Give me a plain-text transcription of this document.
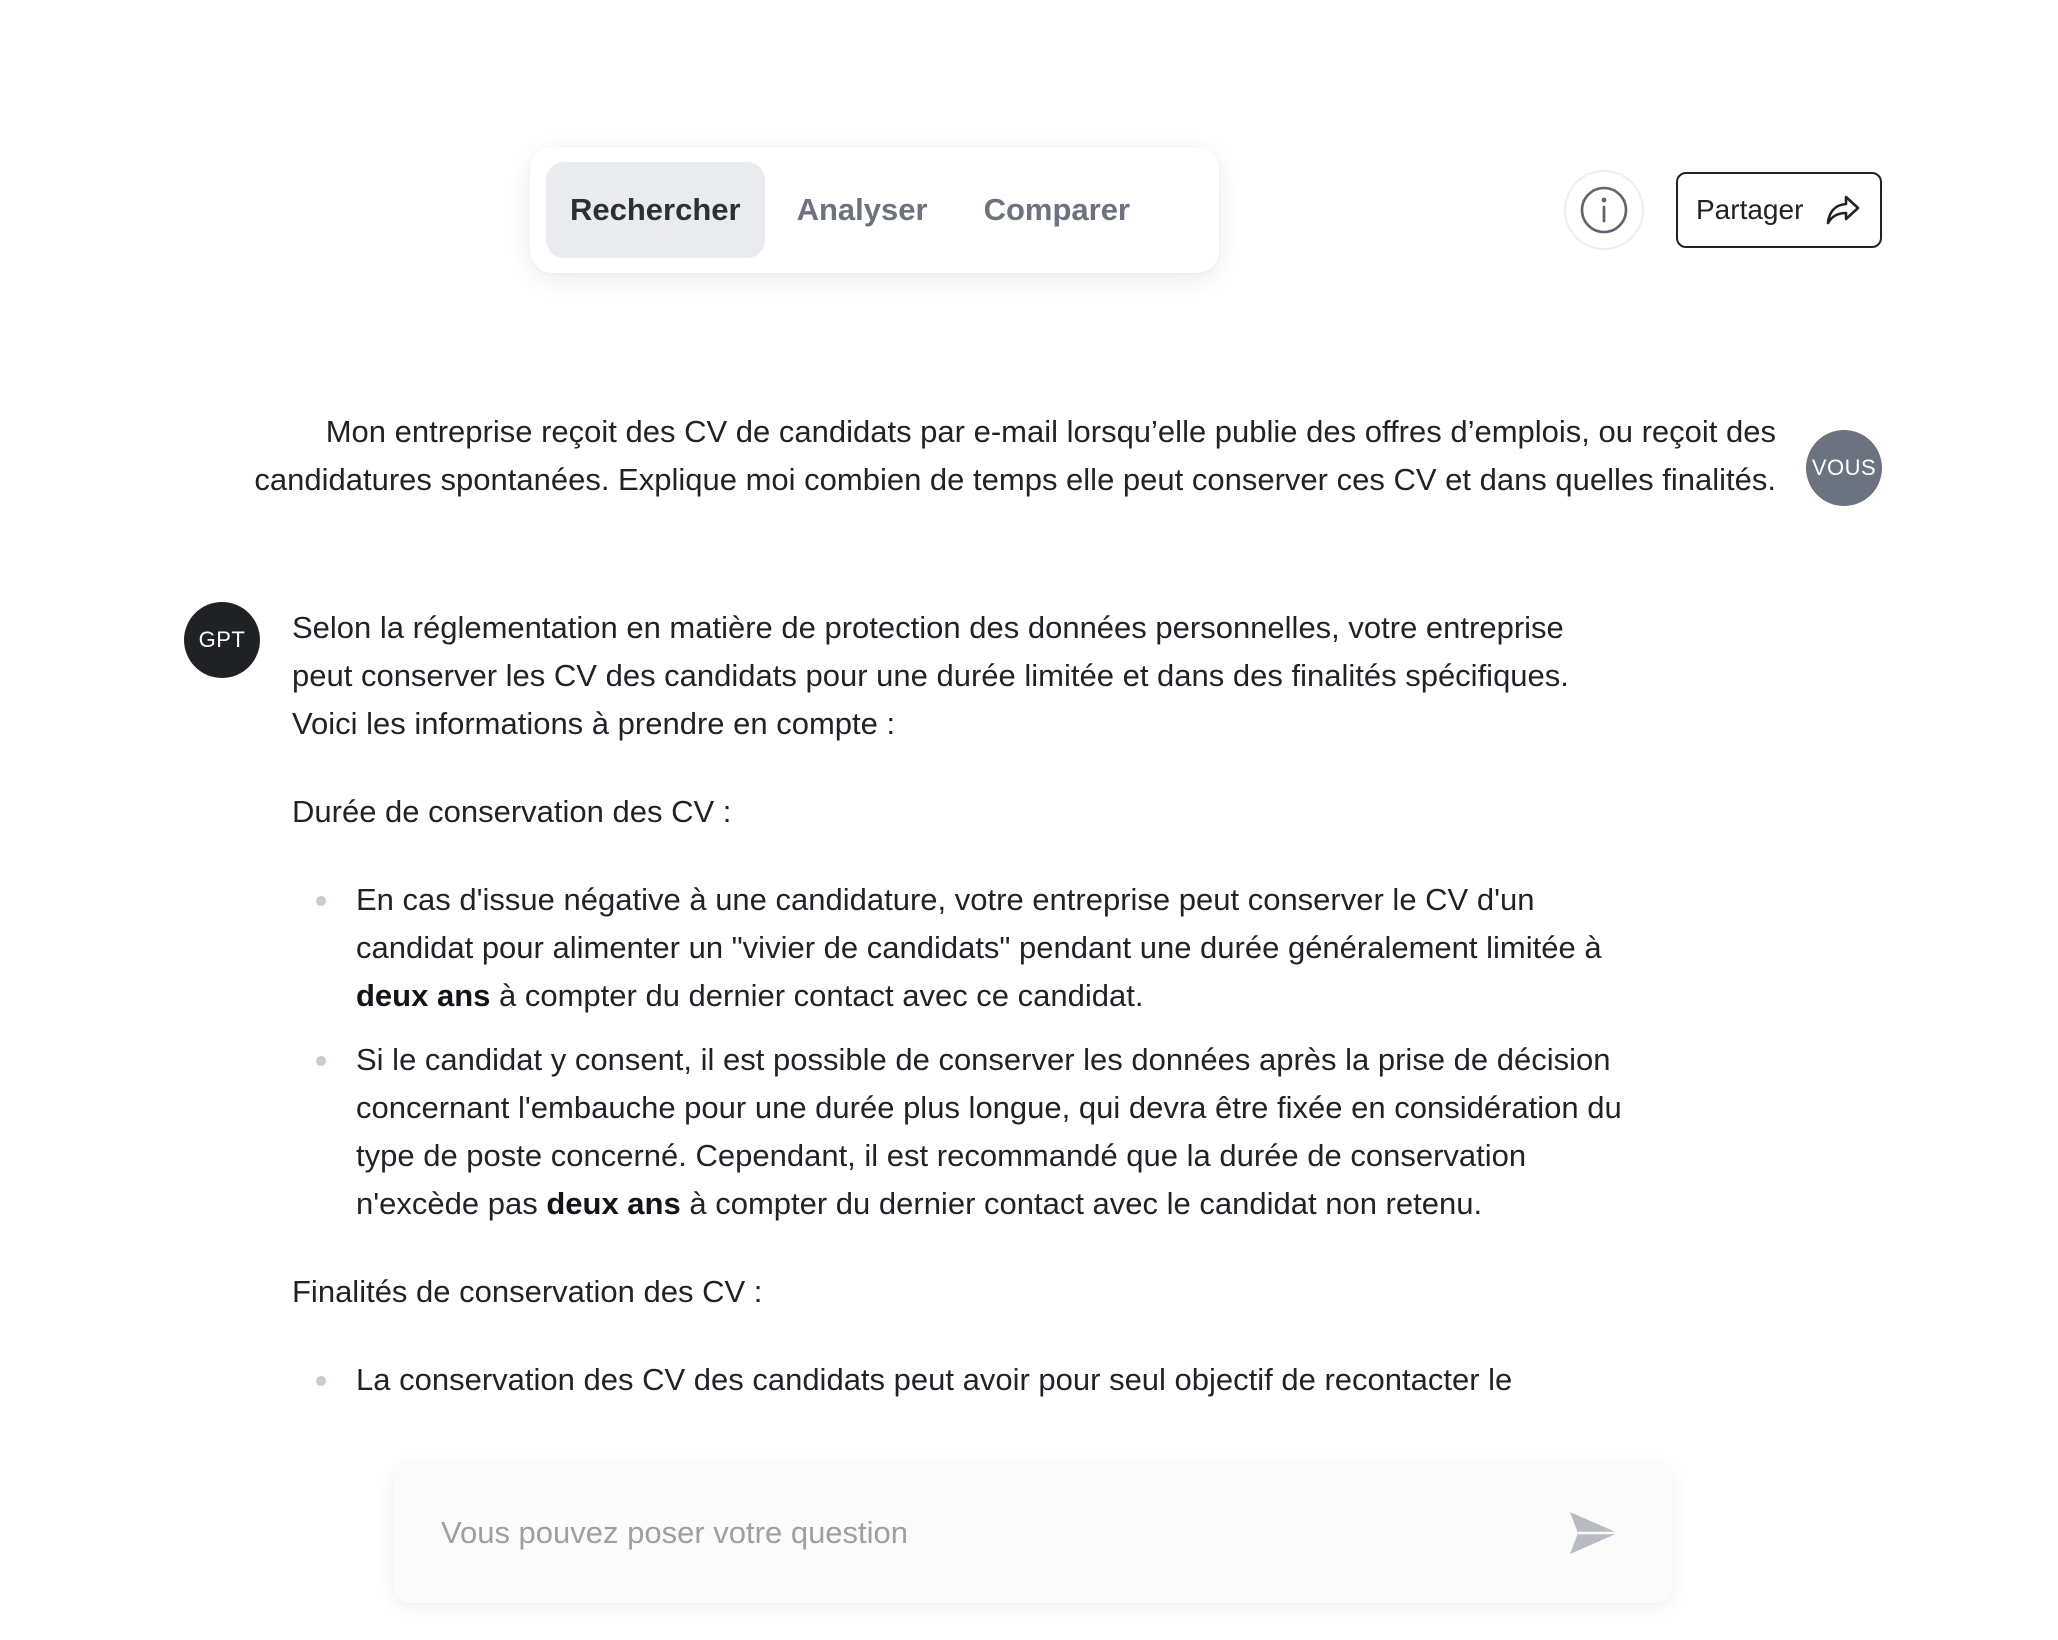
Rechercher	Analyser	Comparer	Partager
Mon entreprise reçoit des CV de candidats par e-mail lorsqu’elle publie des offres d’emplois, ou reçoit des candidatures spontanées. Explique moi combien de temps elle peut conserver ces CV et dans quelles finalités. VOUS
GPT	Selon la réglementation en matière de protection des données personnelles, votre entreprise peut conserver les CV des candidats pour une durée limitée et dans des finalités spécifiques. Voici les informations à prendre en compte :

Durée de conservation des CV :

En cas d'issue négative à une candidature, votre entreprise peut conserver le CV d'un candidat pour alimenter un "vivier de candidats" pendant une durée généralement limitée à deux ans à compter du dernier contact avec ce candidat.
Si le candidat y consent, il est possible de conserver les données après la prise de décision concernant l'embauche pour une durée plus longue, qui devra être fixée en considération du type de poste concerné. Cependant, il est recommandé que la durée de conservation n'excède pas deux ans à compter du dernier contact avec le candidat non retenu.

Finalités de conservation des CV :

La conservation des CV des candidats peut avoir pour seul objectif de recontacter le
Vous pouvez poser votre question
